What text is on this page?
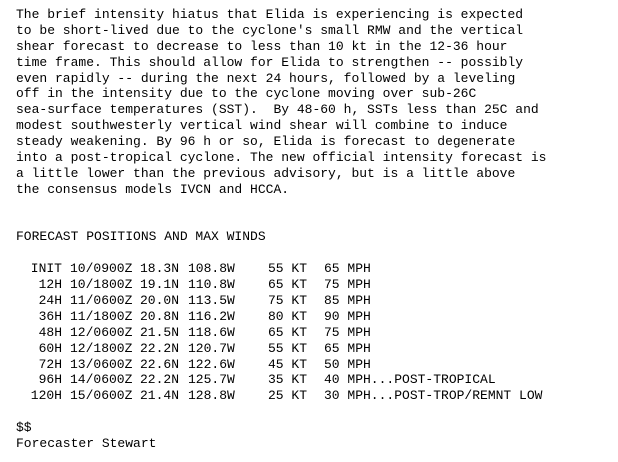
The brief intensity hiatus that Elida is experiencing is expected
to be short-lived due to the cyclone's small RMW and the vertical
shear forecast to decrease to less than 10 kt in the 12-36 hour
time frame. This should allow for Elida to strengthen -- possibly
even rapidly -- during the next 24 hours, followed by a leveling
off in the intensity due to the cyclone moving over sub-26C
sea-surface temperatures (SST).  By 48-60 h, SSTs less than 25C and
modest southwesterly vertical wind shear will combine to induce
steady weakening. By 96 h or so, Elida is forecast to degenerate
into a post-tropical cyclone. The new official intensity forecast is
a little lower than the previous advisory, but is a little above
the consensus models IVCN and HCCA.
FORECAST POSITIONS AND MAX WINDS
INIT 10/0900Z 18.3N 108.8W	55 KT	65 MPH
12H 10/1800Z 19.1N 110.8W	65 KT	75 MPH
24H 11/0600Z 20.0N 113.5W	75 KT	85 MPH
36H 11/1800Z 20.8N 116.2W	80 KT	90 MPH
48H 12/0600Z 21.5N 118.6W	65 KT	75 MPH
60H 12/1800Z 22.2N 120.7W	55 KT	65 MPH
72H 13/0600Z 22.6N 122.6W	45 KT	50 MPH
96H 14/0600Z 22.2N 125.7W	35 KT	40 MPH...POST-TROPICAL
120H 15/0600Z 21.4N 128.8W	25 KT	30 MPH...POST-TROP/REMNT LOW
$$
Forecaster Stewart
